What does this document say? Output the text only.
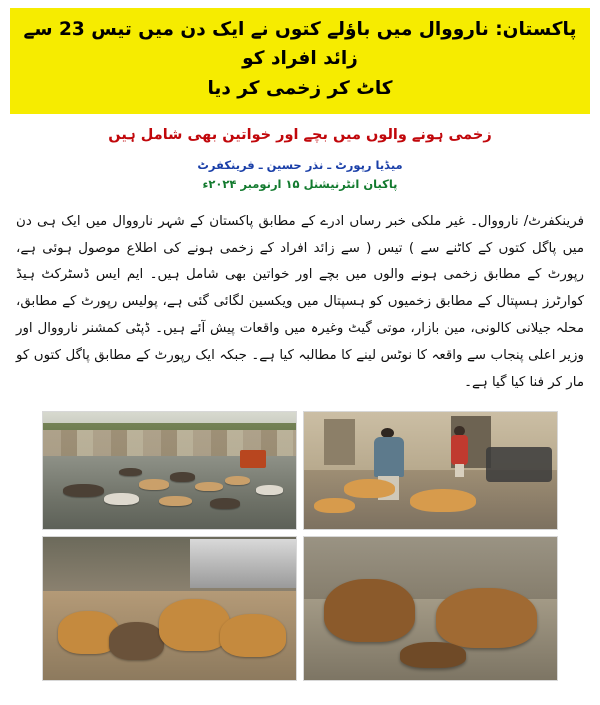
پاکستان: نارووال میں باؤلے کتوں نے ایک دن میں تیس 23 سے زائد افراد کو
کاٹ کر زخمی کر دیا
زخمی ہونے والوں میں بچے اور خواتین بھی شامل ہیں
میڈیا رپورٹ ـ نذر حسین ـ فرینکفرٹ
پاکبان انٹرنیشنل ۱۵ ارنومبر ۲۰۲۴ء
فرینکفرٹ/ نارووال۔ غیر ملکی خبر رساں ادرے کے مطابق پاکستان کے شہر نارووال میں ایک ہی دن میں پاگل کتوں کے کاٹنے سے ) تیس ( سے زائد افراد کے زخمی ہونے کی اطلاع موصول ہوئی ہے، رپورٹ کے مطابق زخمی ہونے والوں میں بچے اور خواتین بھی شامل ہیں۔ ایم ایس ڈسٹرکٹ ہیڈ کوارٹرز ہسپتال کے مطابق زخمیوں کو ہسپتال میں ویکسین لگائی گئی ہے، پولیس رپورٹ کے مطابق، محلہ جیلانی کالونی، مین بازار، موتی گیٹ وغیرہ میں واقعات پیش آئے ہیں۔ ڈپٹی کمشنر نارووال اور وزیر اعلی پنجاب سے واقعہ کا نوٹس لینے کا مطالبہ کیا ہے۔ جبکہ ایک رپورٹ کے مطابق پاگل کتوں کو مار کر فنا کیا گیا ہے۔
